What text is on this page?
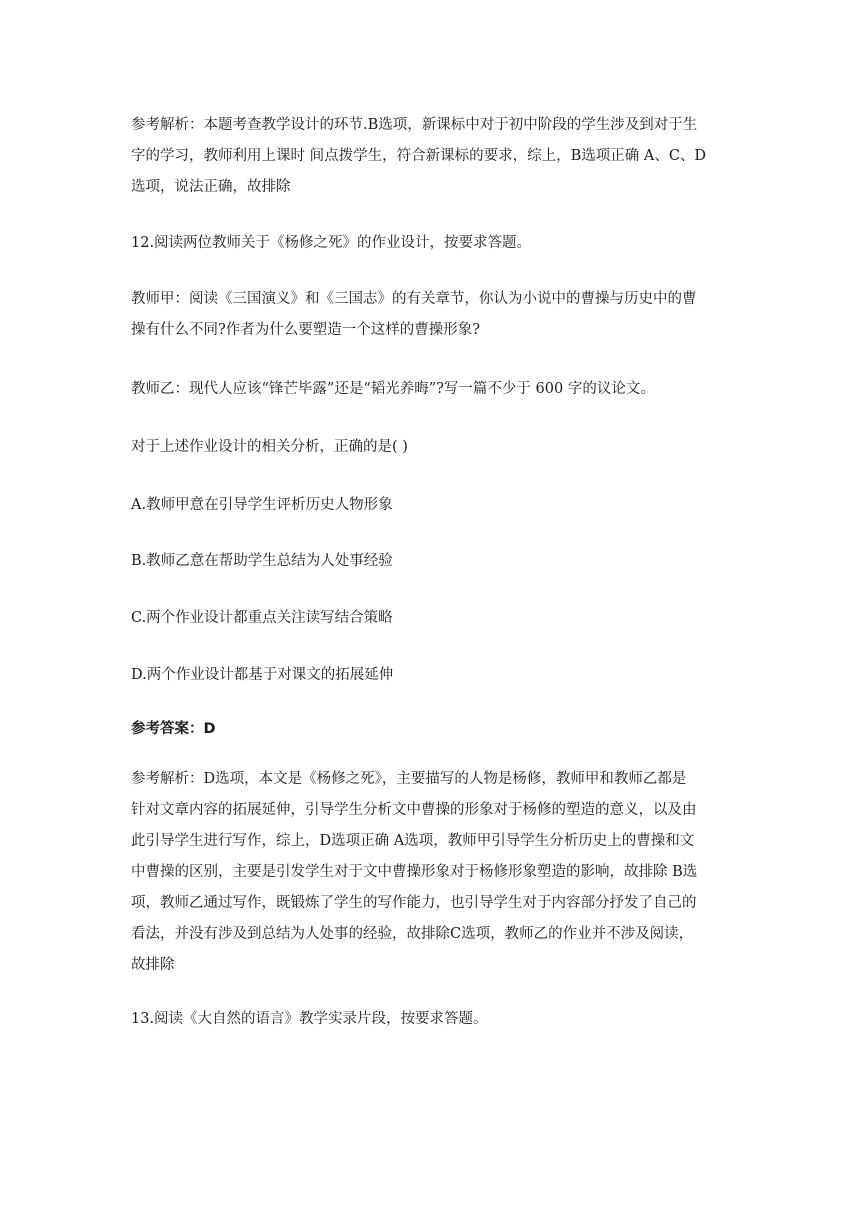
参考解析：本题考查教学设计的环节.B选项，新课标中对于初中阶段的学生涉及到对于生
字的学习，教师利用上课时 间点拨学生，符合新课标的要求，综上，B选项正确 A、C、D
选项，说法正确，故排除
12.阅读两位教师关于《杨修之死》的作业设计，按要求答题。
教师甲：阅读《三国演义》和《三国志》的有关章节，你认为小说中的曹操与历史中的曹
操有什么不同?作者为什么要塑造一个这样的曹操形象?
教师乙：现代人应该“锋芒毕露”还是“韬光养晦”?写一篇不少于 600 字的议论文。
对于上述作业设计的相关分析，正确的是( )
A.教师甲意在引导学生评析历史人物形象
B.教师乙意在帮助学生总结为人处事经验
C.两个作业设计都重点关注读写结合策略
D.两个作业设计都基于对课文的拓展延伸
参考答案：D
参考解析：D选项，本文是《杨修之死》，主要描写的人物是杨修，教师甲和教师乙都是
针对文章内容的拓展延伸，引导学生分析文中曹操的形象对于杨修的塑造的意义，以及由
此引导学生进行写作，综上，D选项正确 A选项，教师甲引导学生分析历史上的曹操和文
中曹操的区别，主要是引发学生对于文中曹操形象对于杨修形象塑造的影响，故排除 B选
项，教师乙通过写作，既锻炼了学生的写作能力，也引导学生对于内容部分抒发了自己的
看法，并没有涉及到总结为人处事的经验，故排除C选项，教师乙的作业并不涉及阅读，
故排除
13.阅读《大自然的语言》教学实录片段，按要求答题。
